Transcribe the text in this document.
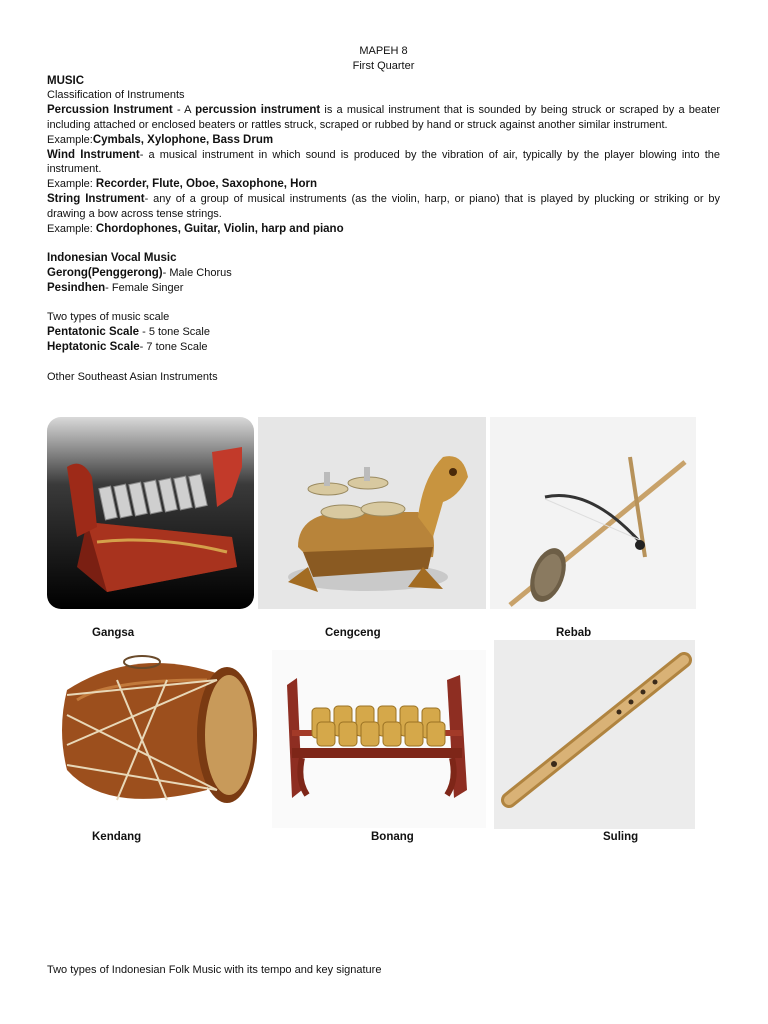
MAPEH 8
First Quarter
MUSIC
Classification of Instruments
Percussion Instrument - A percussion instrument is a musical instrument that is sounded by being struck or scraped by a beater including attached or enclosed beaters or rattles struck, scraped or rubbed by hand or struck against another similar instrument.
Example:Cymbals, Xylophone, Bass Drum
Wind Instrument- a musical instrument in which sound is produced by the vibration of air, typically by the player blowing into the instrument.
Example: Recorder, Flute, Oboe, Saxophone, Horn
String Instrument- any of a group of musical instruments (as the violin, harp, or piano) that is played by plucking or striking or by drawing a bow across tense strings.
Example: Chordophones, Guitar, Violin, harp and piano
Indonesian Vocal Music
Gerong(Penggerong)- Male Chorus
Pesindhen- Female Singer
Two types of music scale
Pentatonic Scale - 5 tone Scale
Heptatonic Scale- 7 tone Scale
Other Southeast Asian Instruments
Gangsa	Cengceng	Rebab
Kendang	Bonang	Suling
Two types of Indonesian Folk Music with its tempo and key signature
